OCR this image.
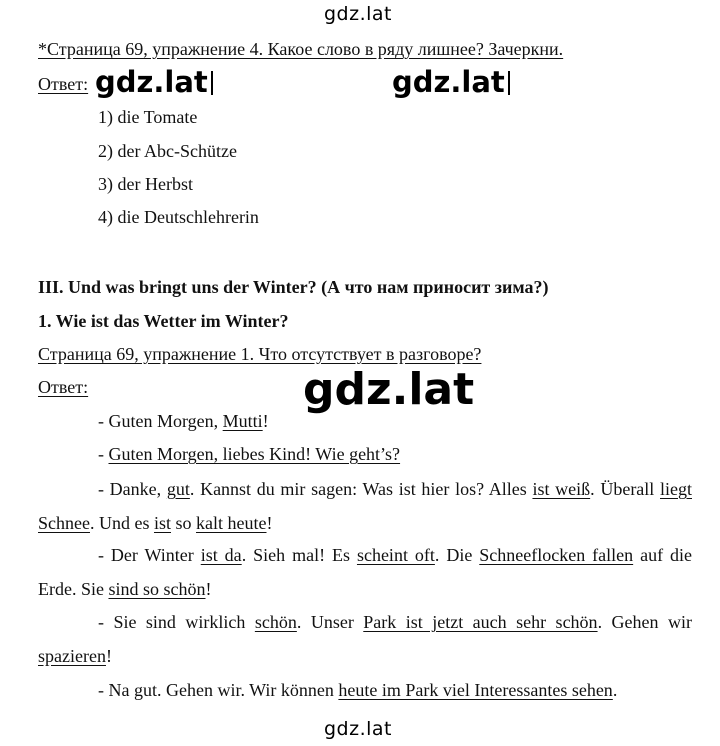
gdz.lat
gdz.lat	gdz.lat
gdz.lat
gdz.lat
*Страница 69, упражнение 4. Какое слово в ряду лишнее? Зачеркни.
Ответ:
1) die Tomate
2) der Abc-Schütze
3) der Herbst
4) die Deutschlehrerin
III. Und was bringt uns der Winter? (А что нам приносит зима?)
1. Wie ist das Wetter im Winter?
Страница 69, упражнение 1. Что отсутствует в разговоре?
Ответ:
- Guten Morgen, Mutti!
- Guten Morgen, liebes Kind! Wie geht’s?
- Danke, gut. Kannst du mir sagen: Was ist hier los? Alles ist weiß. Überall liegt Schnee. Und es ist so kalt heute!
- Der Winter ist da. Sieh mal! Es scheint oft. Die Schneeflocken fallen auf die Erde. Sie sind so schön!
- Sie sind wirklich schön. Unser Park ist jetzt auch sehr schön. Gehen wir spazieren!
- Na gut. Gehen wir. Wir können heute im Park viel Interessantes sehen.
